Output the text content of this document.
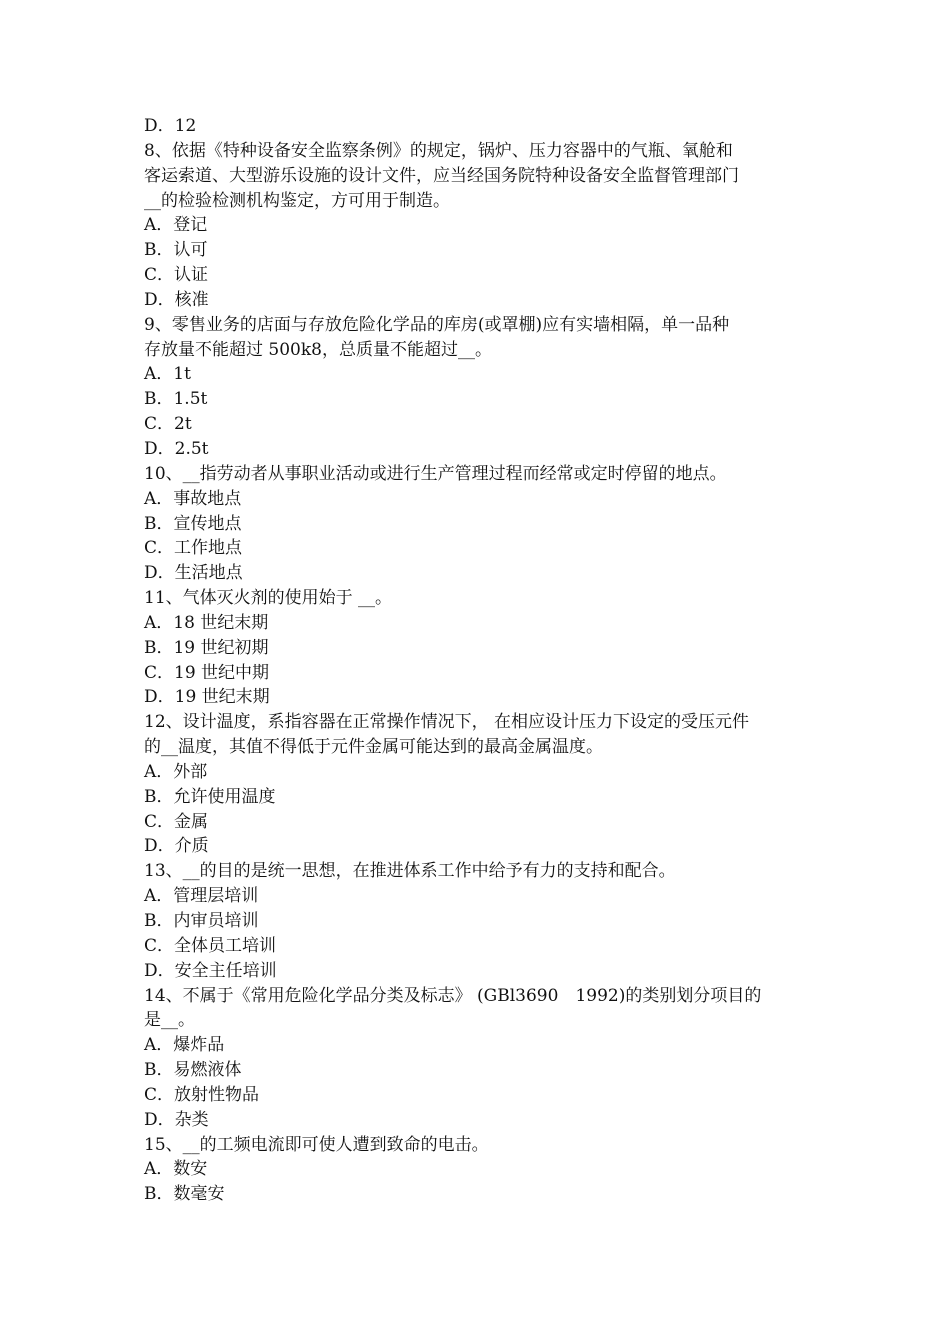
D．12
8、依据《特种设备安全监察条例》的规定，锅炉、压力容器中的气瓶、氧舱和
客运索道、大型游乐设施的设计文件，应当经国务院特种设备安全监督管理部门
__的检验检测机构鉴定，方可用于制造。
A．登记
B．认可
C．认证
D．核准
9、零售业务的店面与存放危险化学品的库房(或罩棚)应有实墙相隔，单一品种
存放量不能超过 500k8，总质量不能超过__。
A．1t
B．1.5t
C．2t
D．2.5t
10、__指劳动者从事职业活动或进行生产管理过程而经常或定时停留的地点。
A．事故地点
B．宣传地点
C．工作地点
D．生活地点
11、气体灭火剂的使用始于 __。
A．18 世纪末期
B．19 世纪初期
C．19 世纪中期
D．19 世纪末期
12、设计温度，系指容器在正常操作情况下， 在相应设计压力下设定的受压元件
的__温度，其值不得低于元件金属可能达到的最高金属温度。
A．外部
B．允许使用温度
C．金属
D．介质
13、__的目的是统一思想，在推进体系工作中给予有力的支持和配合。
A．管理层培训
B．内审员培训
C．全体员工培训
D．安全主任培训
14、不属于《常用危险化学品分类及标志》 (GBl3690　1992)的类别划分项目的
是__。
A．爆炸品
B．易燃液体
C．放射性物品
D．杂类
15、__的工频电流即可使人遭到致命的电击。
A．数安
B．数毫安
